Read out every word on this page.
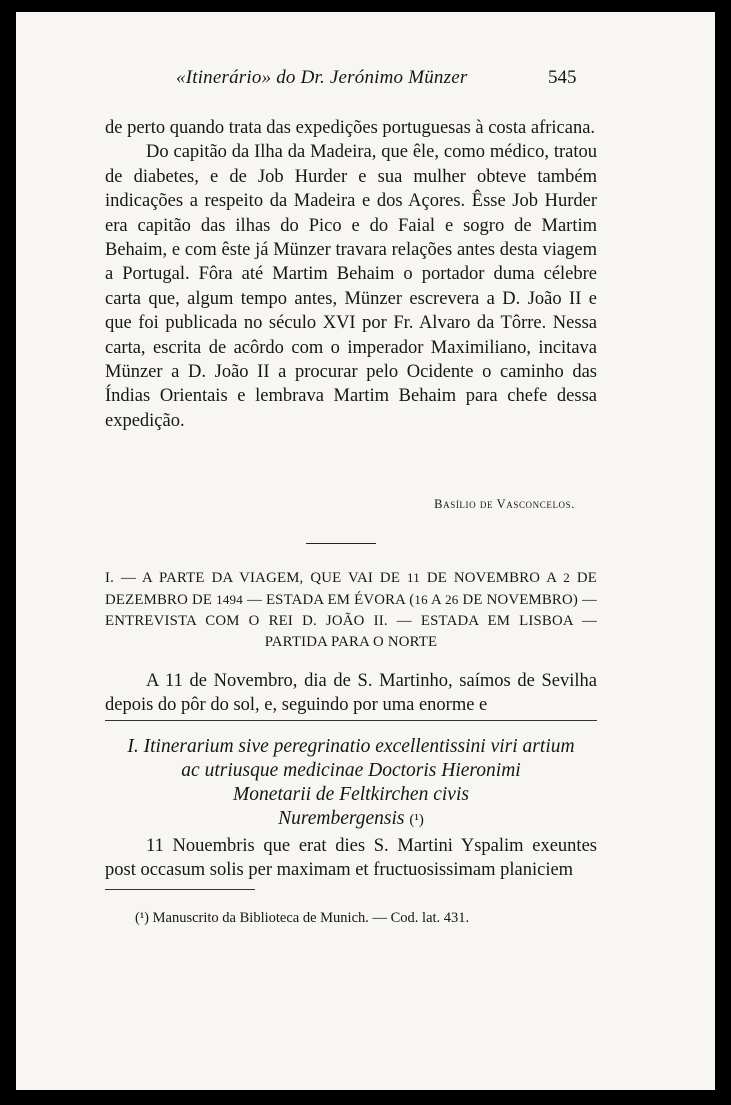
«Itinerário» do Dr. Jerónimo Münzer	545

de perto quando trata das expedições portuguesas à costa africana.

Do capitão da Ilha da Madeira, que êle, como médico, tratou de diabetes, e de Job Hurder e sua mulher obteve também indicações a respeito da Madeira e dos Açores. Êsse Job Hurder era capitão das ilhas do Pico e do Faial e sogro de Martim Behaim, e com êste já Münzer travara relações antes desta viagem a Portugal. Fôra até Martim Behaim o portador duma célebre carta que, algum tempo antes, Münzer escrevera a D. João II e que foi publicada no século XVI por Fr. Alvaro da Tôrre. Nessa carta, escrita de acôrdo com o imperador Maximiliano, incitava Münzer a D. João II a procurar pelo Ocidente o caminho das Índias Orientais e lembrava Martim Behaim para chefe dessa expedição.

Basílio de Vasconcelos.
I. — A PARTE DA VIAGEM, QUE VAI DE 11 DE NOVEMBRO A 2 DE DEZEMBRO DE 1494 — ESTADA EM ÉVORA (16 A 26 DE NOVEMBRO) — ENTREVISTA COM O REI D. JOÃO II. — ESTADA EM LISBOA — PARTIDA PARA O NORTE

A 11 de Novembro, dia de S. Martinho, saímos de Sevilha depois do pôr do sol, e, seguindo por uma enorme e

I. Itinerarium sive peregrinatio excellentissini viri artium
ac utriusque medicinae Doctoris Hieronimi
Monetarii de Feltkirchen civis
Nurembergensis (¹)
11 Nouembris que erat dies S. Martini Yspalim exeuntes post occasum solis per maximam et fructuosissimam planiciem
(¹) Manuscrito da Biblioteca de Munich. — Cod. lat. 431.
